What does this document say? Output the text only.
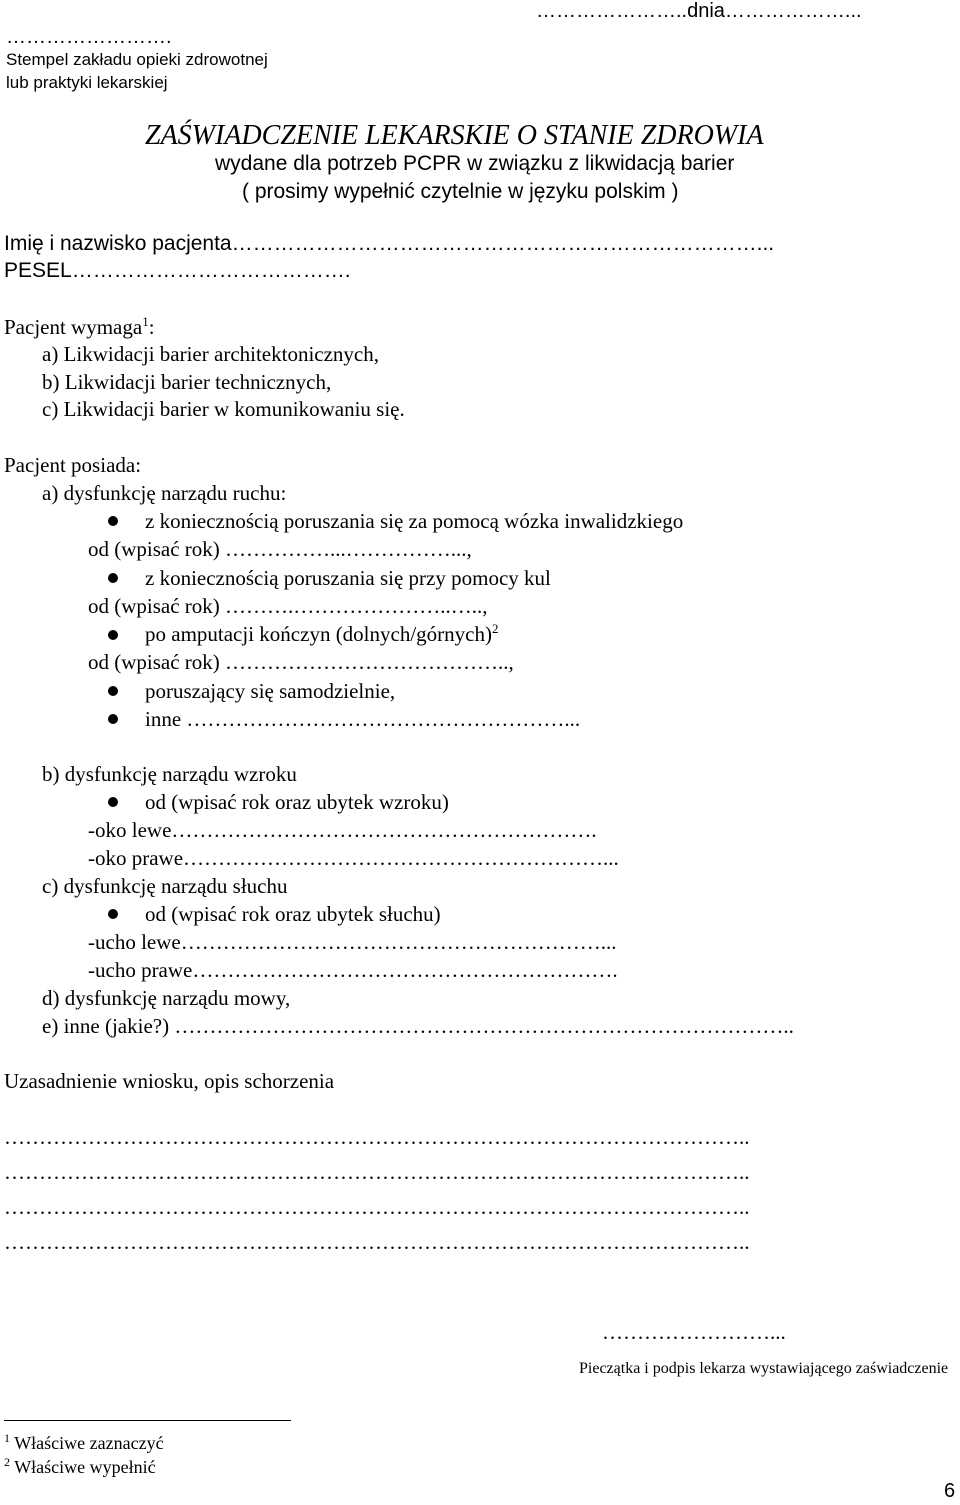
…………………….
Stempel zakładu opieki zdrowotnej
lub praktyki lekarskiej
…………………..dnia………………...
ZAŚWIADCZENIE LEKARSKIE O STANIE ZDROWIA
wydane dla potrzeb PCPR w związku z likwidacją barier
( prosimy wypełnić czytelnie w języku polskim )
Imię i nazwisko pacjenta…………………………………………………………………...
PESEL………………………………….
Pacjent wymaga$^1$:
a) Likwidacji barier architektonicznych,
b) Likwidacji barier technicznych,
c) Likwidacji barier w komunikowaniu się.
Pacjent posiada:
a) dysfunkcję narządu ruchu:
z koniecznością poruszania się za pomocą wózka inwalidzkiego
od (wpisać rok) ……………...……………...,
z koniecznością poruszania się przy pomocy kul
od (wpisać rok) ……….…………………..…..,
po amputacji kończyn (dolnych/górnych)$^2$
od (wpisać rok) …………………………………..,
poruszający się samodzielnie,
inne ………………………………………………...
b) dysfunkcję narządu wzroku
od (wpisać rok oraz ubytek wzroku)
-oko lewe…………………………………………………….
-oko prawe……………………………………………………...
c) dysfunkcję narządu słuchu
od (wpisać rok oraz ubytek słuchu)
-ucho lewe……………………………………………………...
-ucho prawe…………………………………………………….
d) dysfunkcję narządu mowy,
e) inne (jakie?) ……………………………………………………………………………..
Uzasadnienie wniosku, opis schorzenia
……………………………………………………………………………………………..
……………………………………………………………………………………………..
……………………………………………………………………………………………..
……………………………………………………………………………………………..
……………………...
Pieczątka i podpis lekarza wystawiającego zaświadczenie
$^1$ Właściwe zaznaczyć
$^2$ Właściwe wypełnić
6
